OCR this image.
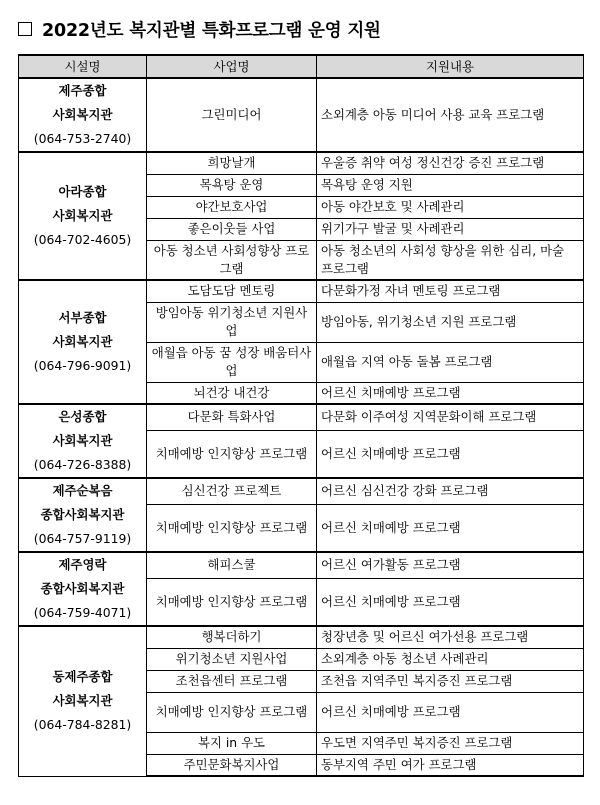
2022년도 복지관별 특화프로그램 운영 지원
시설명	사업명	지원내용

제주종합
사회복지관
(064-753-2740)	그린미디어	소외계층 아동 미디어 사용 교육 프로그램

아라종합
사회복지관
(064-702-4605)	희망날개	우울증 취약 여성 정신건강 증진 프로그램
	목욕탕 운영	목욕탕 운영 지원
	야간보호사업	아동 야간보호 및 사례관리
	좋은이웃들 사업	위기가구 발굴 및 사례관리
	아동 청소년 사회성향상 프로그램	아동 청소년의 사회성 향상을 위한 심리, 마술 프로그램

서부종합
사회복지관
(064-796-9091)	도담도담 멘토링	다문화가정 자녀 멘토링 프로그램
	방임아동 위기청소년 지원사업	방임아동, 위기청소년 지원 프로그램
	애월읍 아동 꿈 성장 배움터사업	애월읍 지역 아동 돌봄 프로그램
	뇌건강 내건강	어르신 치매예방 프로그램

은성종합
사회복지관
(064-726-8388)	다문화 특화사업	다문화 이주여성 지역문화이해 프로그램
	치매예방 인지향상 프로그램	어르신 치매예방 프로그램

제주순복음
종합사회복지관
(064-757-9119)	심신건강 프로젝트	어르신 심신건강 강화 프로그램
	치매예방 인지향상 프로그램	어르신 치매예방 프로그램

제주영락
종합사회복지관
(064-759-4071)	해피스쿨	어르신 여가활동 프로그램
	치매예방 인지향상 프로그램	어르신 치매예방 프로그램

동제주종합
사회복지관
(064-784-8281)	행복더하기	청장년층 및 어르신 여가선용 프로그램
	위기청소년 지원사업	소외계층 아동 청소년 사례관리
	조천읍센터 프로그램	조천읍 지역주민 복지증진 프로그램
	치매예방 인지향상 프로그램	어르신 치매예방 프로그램
	복지 in 우도	우도면 지역주민 복지증진 프로그램
	주민문화복지사업	동부지역 주민 여가 프로그램
